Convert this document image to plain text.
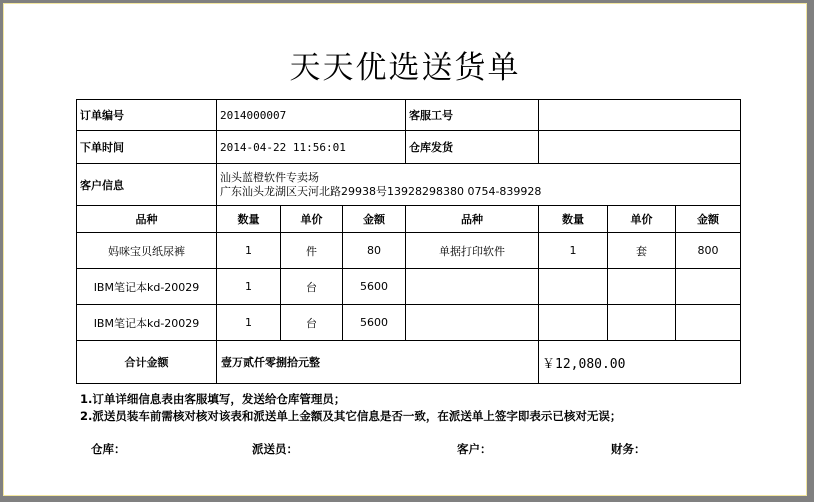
天天优选送货单
订单编号	2014000007			客服工号			
下单时间	2014-04-22 11:56:01			仓库发货			
客户信息	汕头蓝橙软件专卖场
广东汕头龙湖区天河北路29938号13928298380 0754-839928						

品种	数量	单价	金额	品种	数量	单价	金额
妈咪宝贝纸尿裤	1	件	80	单据打印软件	1	套	800
IBM笔记本kd-20029	1	台	5600				
IBM笔记本kd-20029	1	台	5600				
合计金额	壹万贰仟零捌拾元整				￥12,080.00		
1.订单详细信息表由客服填写，发送给仓库管理员；
2.派送员装车前需核对核对该表和派送单上金额及其它信息是否一致，在派送单上签字即表示已核对无误；
仓库：	派送员：	客户：	财务：
